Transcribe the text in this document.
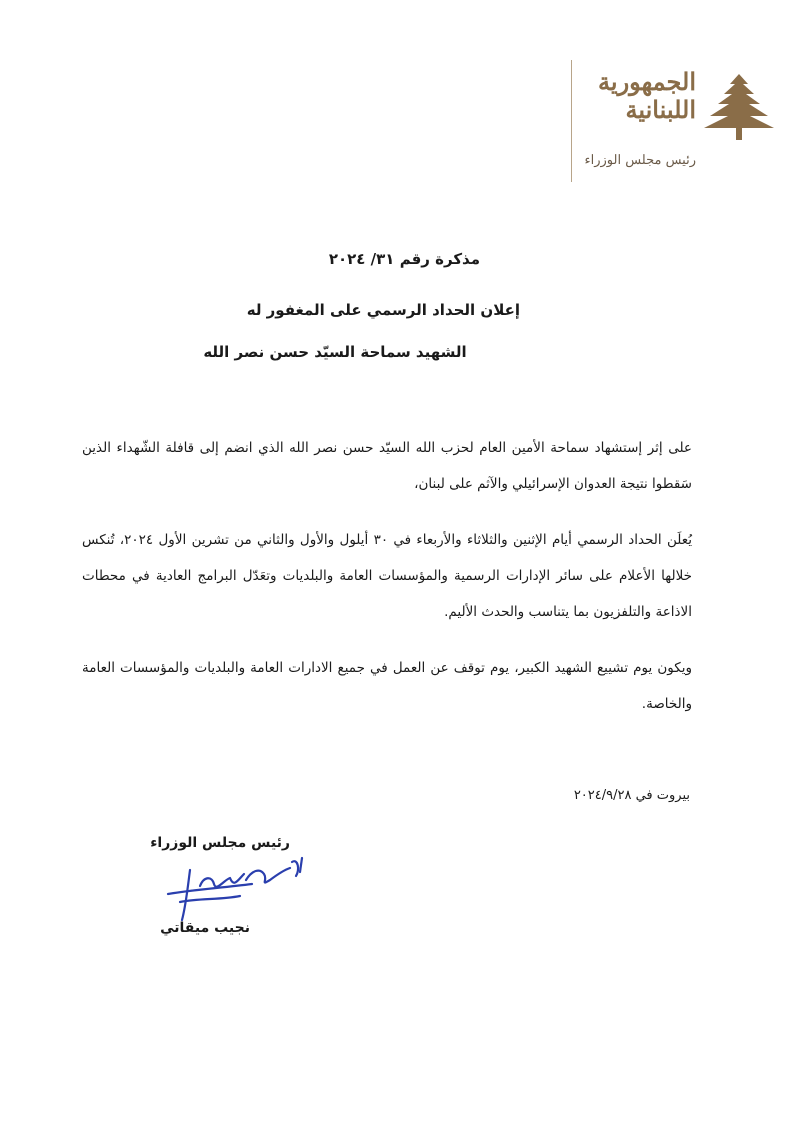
الجمهورية
اللبنانية
رئيس مجلس الوزراء
مذكرة رقم ٣١/ ٢٠٢٤
إعلان الحداد الرسمي على المغفور له
الشهيد سماحة السيّد حسن نصر الله

على إثر إستشهاد سماحة الأمين العام لحزب الله السيّد حسن نصر الله الذي انضم إلى قافلة الشّهداء الذين سَقطوا نتيجة العدوان الإسرائيلي والآثم على لبنان،

يُعلَن الحداد الرسمي أيام الإثنين والثلاثاء والأربعاء في ٣٠ أيلول والأول والثاني من تشرين الأول ٢٠٢٤، تُنكس خلالها الأعلام على سائر الإدارات الرسمية والمؤسسات العامة والبلديات وتعَدّل البرامج العادية في محطات الاذاعة والتلفزيون بما يتناسب والحدث الأليم.

ويكون يوم تشييع الشهيد الكبير، يوم توقف عن العمل في جميع الادارات العامة والبلديات والمؤسسات العامة والخاصة.

بيروت في ٢٠٢٤/٩/٢٨
رئيس مجلس الوزراء
نجيب ميقاتي
